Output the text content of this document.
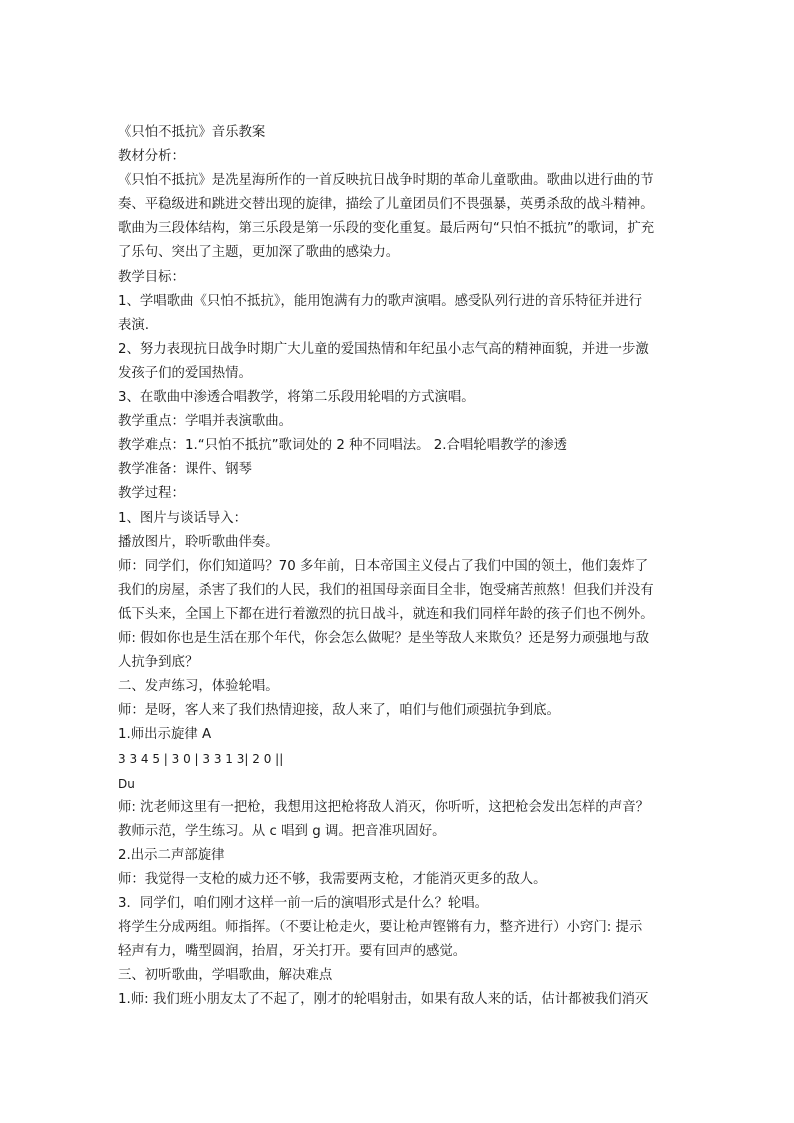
《只怕不抵抗》音乐教案
教材分析：
《只怕不抵抗》是冼星海所作的一首反映抗日战争时期的革命儿童歌曲。歌曲以进行曲的节
奏、平稳级进和跳进交替出现的旋律，描绘了儿童团员们不畏强暴，英勇杀敌的战斗精神。
歌曲为三段体结构，第三乐段是第一乐段的变化重复。最后两句“只怕不抵抗”的歌词，扩充
了乐句、突出了主题，更加深了歌曲的感染力。
教学目标：
1、学唱歌曲《只怕不抵抗》，能用饱满有力的歌声演唱。感受队列行进的音乐特征并进行
表演.
2、努力表现抗日战争时期广大儿童的爱国热情和年纪虽小志气高的精神面貌，并进一步激
发孩子们的爱国热情。
3、在歌曲中渗透合唱教学，将第二乐段用轮唱的方式演唱。
教学重点：学唱并表演歌曲。
教学难点：1.“只怕不抵抗”歌词处的 2 种不同唱法。 2.合唱轮唱教学的渗透
教学准备：课件、钢琴
教学过程：
1、图片与谈话导入：
播放图片，聆听歌曲伴奏。
师：同学们，你们知道吗？70 多年前，日本帝国主义侵占了我们中国的领土，他们轰炸了
我们的房屋，杀害了我们的人民，我们的祖国母亲面目全非，饱受痛苦煎熬！但我们并没有
低下头来，全国上下都在进行着激烈的抗日战斗，就连和我们同样年龄的孩子们也不例外。
师: 假如你也是生活在那个年代，你会怎么做呢？是坐等敌人来欺负？还是努力顽强地与敌
人抗争到底？
二、发声练习，体验轮唱。
师：是呀，客人来了我们热情迎接，敌人来了，咱们与他们顽强抗争到底。
1.师出示旋律 A
3 3 4 5 | 3 0 | 3 3 1 3| 2 0 ||
Du
师: 沈老师这里有一把枪，我想用这把枪将敌人消灭，你听听，这把枪会发出怎样的声音？
教师示范，学生练习。从 c 唱到 g 调。把音准巩固好。
2.出示二声部旋律
师：我觉得一支枪的威力还不够，我需要两支枪，才能消灭更多的敌人。
3．同学们，咱们刚才这样一前一后的演唱形式是什么？轮唱。
将学生分成两组。师指挥。（不要让枪走火，要让枪声铿锵有力，整齐进行）小窍门: 提示
轻声有力，嘴型圆润，抬眉，牙关打开。要有回声的感觉。
三、初听歌曲，学唱歌曲，解决难点
1.师: 我们班小朋友太了不起了，刚才的轮唱射击，如果有敌人来的话，估计都被我们消灭
